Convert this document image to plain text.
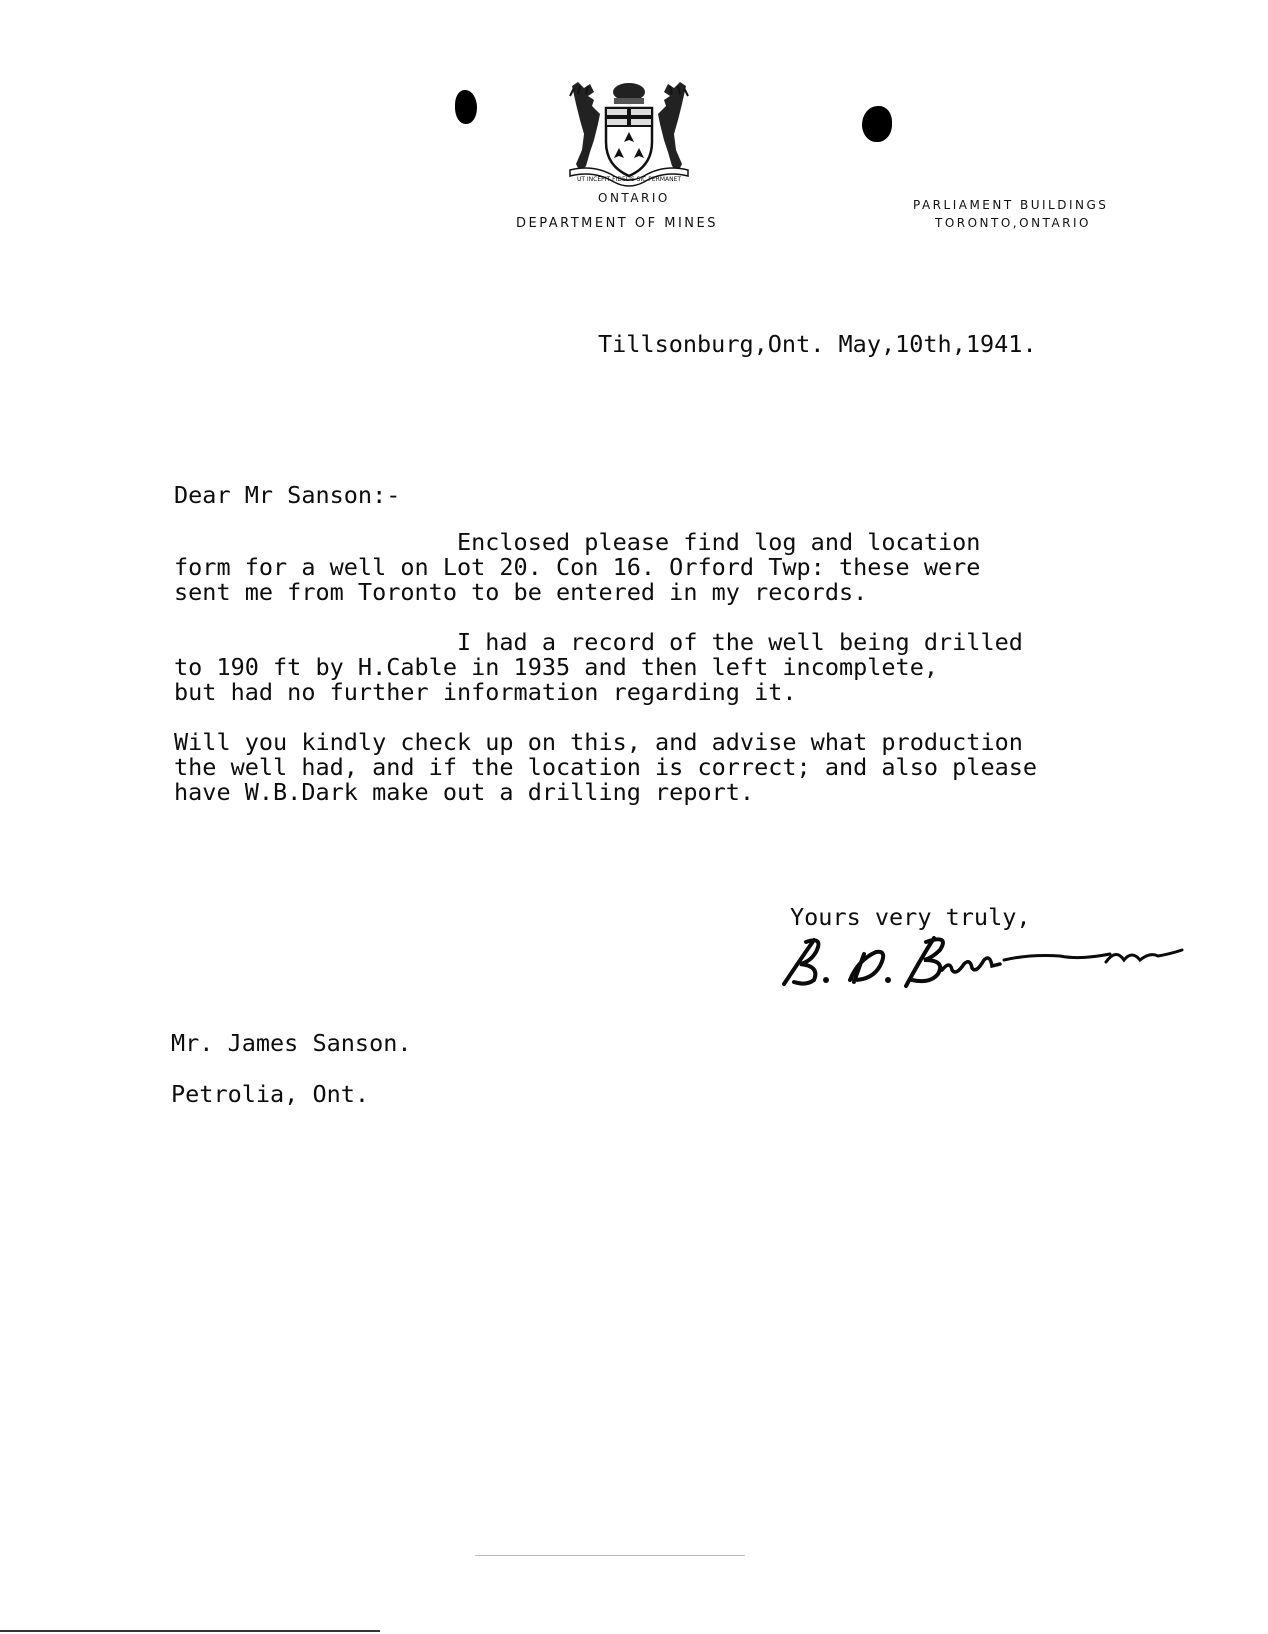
UT INCEPIT FIDELIS SIC PERMANET
ONTARIO
DEPARTMENT OF MINES
PARLIAMENT BUILDINGS
TORONTO,ONTARIO
Tillsonburg,Ont. May,10th,1941.
Dear Mr Sanson:-
Enclosed please find log and location
form for a well on Lot 20. Con 16. Orford Twp: these were
sent me from Toronto to be entered in my records.
I had a record of the well being drilled
to 190 ft by H.Cable in 1935 and then left incomplete,
but had no further information regarding it.
Will you kindly check up on this, and advise what production
the well had, and if the location is correct; and also please
have W.B.Dark make out a drilling report.
Yours very truly,
Mr. James Sanson.
Petrolia, Ont.
